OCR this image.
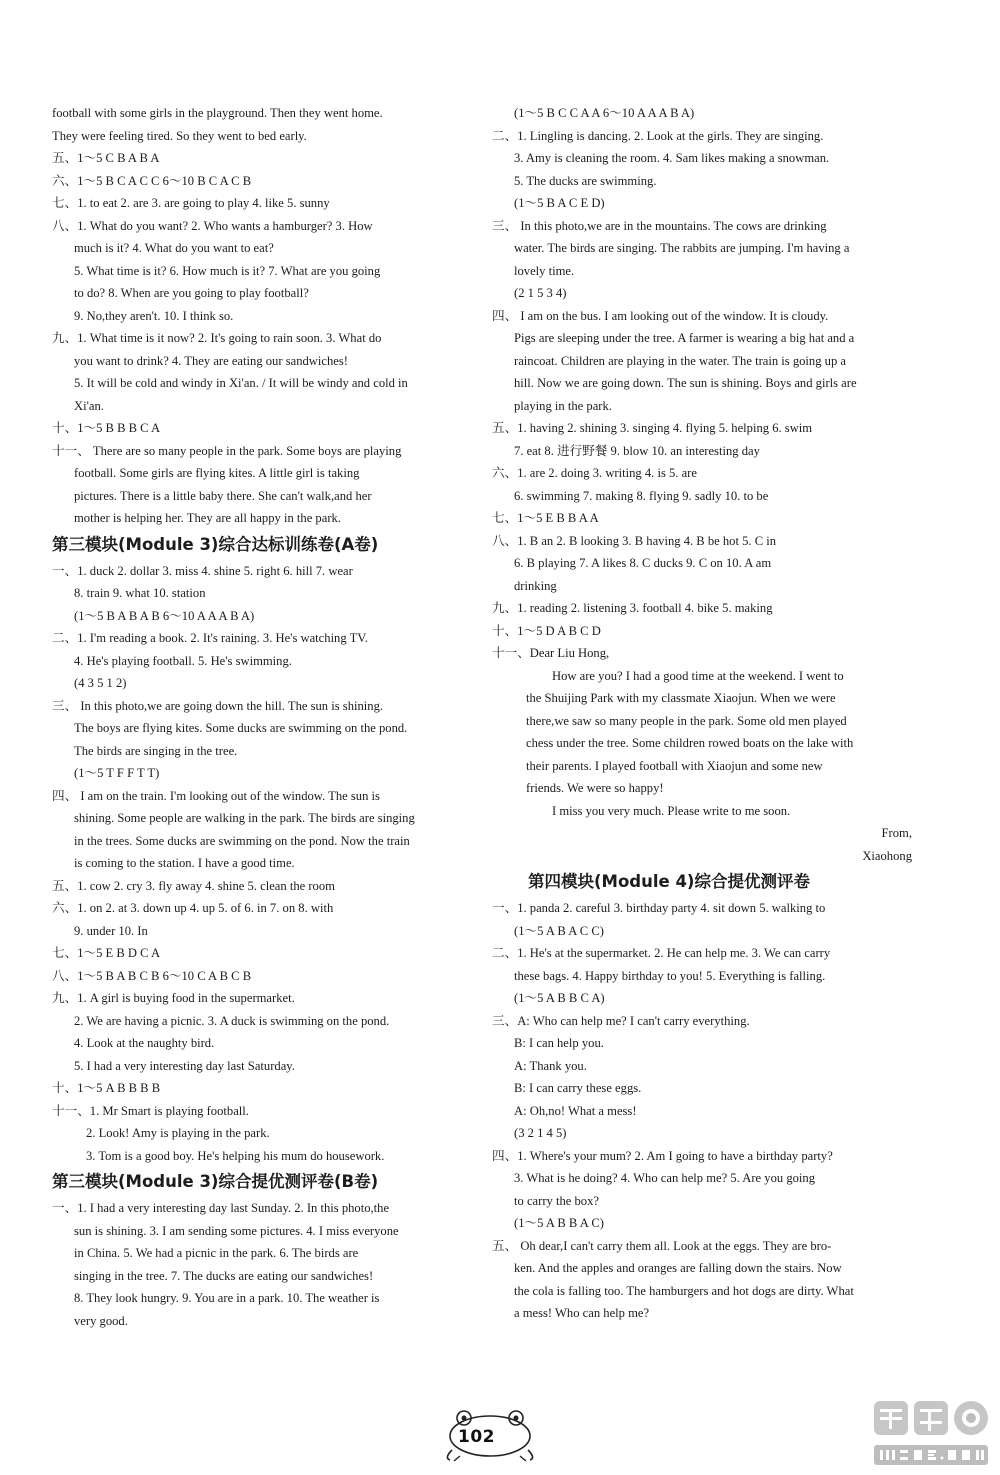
football with some girls in the playground. Then they went home.
They were feeling tired. So they went to bed early.
五、1～5 C B A B A
六、1～5 B C A C C 6～10 B C A C B
七、1. to eat 2. are 3. are going to play 4. like 5. sunny
八、1. What do you want? 2. Who wants a hamburger? 3. How
much is it? 4. What do you want to eat?
5. What time is it? 6. How much is it? 7. What are you going
to do? 8. When are you going to play football?
9. No,they aren't. 10. I think so.
九、1. What time is it now? 2. It's going to rain soon. 3. What do
you want to drink? 4. They are eating our sandwiches!
5. It will be cold and windy in Xi'an. / It will be windy and cold in
Xi'an.
十、1～5 B B B C A
十一、 There are so many people in the park. Some boys are playing
football. Some girls are flying kites. A little girl is taking
pictures. There is a little baby there. She can't walk,and her
mother is helping her. They are all happy in the park.
第三模块(Module 3)综合达标训练卷(A卷)
一、1. duck 2. dollar 3. miss 4. shine 5. right 6. hill 7. wear
8. train 9. what 10. station
(1～5 B A B A B 6～10 A A A B A)
二、1. I'm reading a book. 2. It's raining. 3. He's watching TV.
4. He's playing football. 5. He's swimming.
(4 3 5 1 2)
三、 In this photo,we are going down the hill. The sun is shining.
The boys are flying kites. Some ducks are swimming on the pond.
The birds are singing in the tree.
(1～5 T F F T T)
四、 I am on the train. I'm looking out of the window. The sun is
shining. Some people are walking in the park. The birds are singing
in the trees. Some ducks are swimming on the pond. Now the train
is coming to the station. I have a good time.
五、1. cow 2. cry 3. fly away 4. shine 5. clean the room
六、1. on 2. at 3. down up 4. up 5. of 6. in 7. on 8. with
9. under 10. In
七、1～5 E B D C A
八、1～5 B A B C B 6～10 C A B C B
九、1. A girl is buying food in the supermarket.
2. We are having a picnic. 3. A duck is swimming on the pond.
4. Look at the naughty bird.
5. I had a very interesting day last Saturday.
十、1～5 A B B B B
十一、1. Mr Smart is playing football.
2. Look! Amy is playing in the park.
3. Tom is a good boy. He's helping his mum do housework.
第三模块(Module 3)综合提优测评卷(B卷)
一、1. I had a very interesting day last Sunday. 2. In this photo,the
sun is shining. 3. I am sending some pictures. 4. I miss everyone
in China. 5. We had a picnic in the park. 6. The birds are
singing in the tree. 7. The ducks are eating our sandwiches!
8. They look hungry. 9. You are in a park. 10. The weather is
very good.
(1～5 B C C A A 6～10 A A A B A)
二、1. Lingling is dancing. 2. Look at the girls. They are singing.
3. Amy is cleaning the room. 4. Sam likes making a snowman.
5. The ducks are swimming.
(1～5 B A C E D)
三、 In this photo,we are in the mountains. The cows are drinking
water. The birds are singing. The rabbits are jumping. I'm having a
lovely time.
(2 1 5 3 4)
四、 I am on the bus. I am looking out of the window. It is cloudy.
Pigs are sleeping under the tree. A farmer is wearing a big hat and a
raincoat. Children are playing in the water. The train is going up a
hill. Now we are going down. The sun is shining. Boys and girls are
playing in the park.
五、1. having 2. shining 3. singing 4. flying 5. helping 6. swim
7. eat 8. 进行野餐 9. blow 10. an interesting day
六、1. are 2. doing 3. writing 4. is 5. are
6. swimming 7. making 8. flying 9. sadly 10. to be
七、1～5 E B B A A
八、1. B an 2. B looking 3. B having 4. B be hot 5. C in
6. B playing 7. A likes 8. C ducks 9. C on 10. A am
drinking
九、1. reading 2. listening 3. football 4. bike 5. making
十、1～5 D A B C D
十一、Dear Liu Hong,
How are you? I had a good time at the weekend. I went to
the Shuijing Park with my classmate Xiaojun. When we were
there,we saw so many people in the park. Some old men played
chess under the tree. Some children rowed boats on the lake with
their parents. I played football with Xiaojun and some new
friends. We were so happy!
I miss you very much. Please write to me soon.
From,
Xiaohong
第四模块(Module 4)综合提优测评卷
一、1. panda 2. careful 3. birthday party 4. sit down 5. walking to
(1～5 A B A C C)
二、1. He's at the supermarket. 2. He can help me. 3. We can carry
these bags. 4. Happy birthday to you! 5. Everything is falling.
(1～5 A B B C A)
三、A: Who can help me? I can't carry everything.
B: I can help you.
A: Thank you.
B: I can carry these eggs.
A: Oh,no! What a mess!
(3 2 1 4 5)
四、1. Where's your mum? 2. Am I going to have a birthday party?
3. What is he doing? 4. Who can help me? 5. Are you going
to carry the box?
(1～5 A B B A C)
五、 Oh dear,I can't carry them all. Look at the eggs. They are bro-
ken. And the apples and oranges are falling down the stairs. Now
the cola is falling too. The hamburgers and hot dogs are dirty. What
a mess! Who can help me?
102
